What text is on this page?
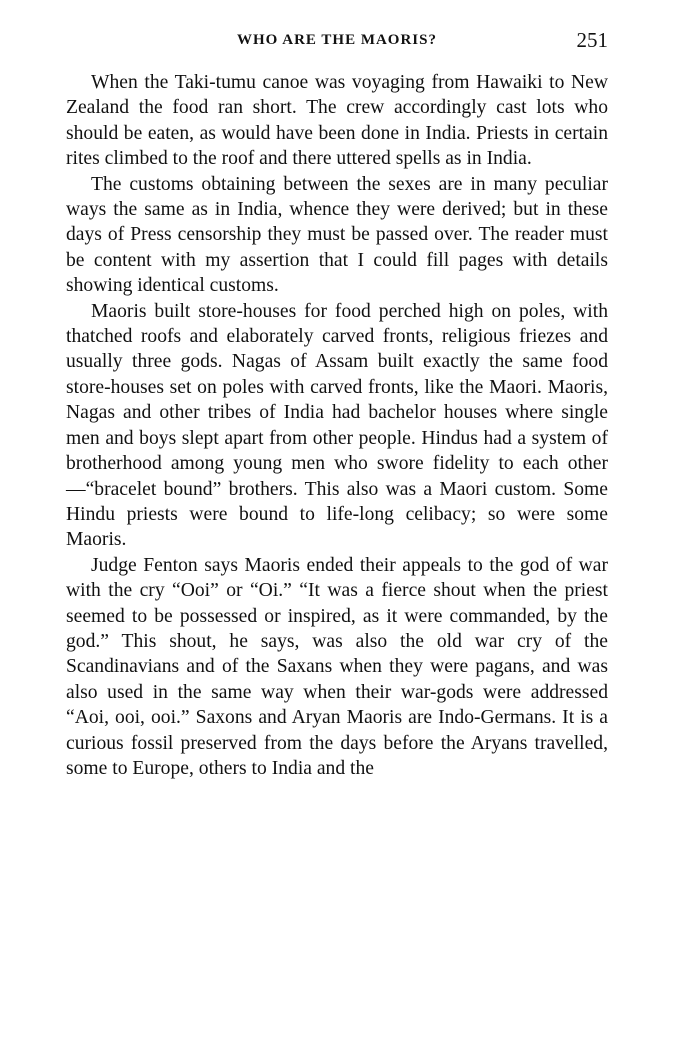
WHO ARE THE MAORIS?	251

When the Taki-tumu canoe was voyaging from Hawaiki to New Zealand the food ran short. The crew accordingly cast lots who should be eaten, as would have been done in India. Priests in certain rites climbed to the roof and there uttered spells as in India.

The customs obtaining between the sexes are in many peculiar ways the same as in India, whence they were derived; but in these days of Press censorship they must be passed over. The reader must be content with my assertion that I could fill pages with details showing identical customs.

Maoris built store-houses for food perched high on poles, with thatched roofs and elaborately carved fronts, religious friezes and usually three gods. Nagas of Assam built exactly the same food store-houses set on poles with carved fronts, like the Maori. Maoris, Nagas and other tribes of India had bachelor houses where single men and boys slept apart from other people. Hindus had a system of brotherhood among young men who swore fidelity to each other—“bracelet bound” brothers. This also was a Maori custom. Some Hindu priests were bound to life-long celibacy; so were some Maoris.

Judge Fenton says Maoris ended their appeals to the god of war with the cry “Ooi” or “Oi.” “It was a fierce shout when the priest seemed to be possessed or inspired, as it were commanded, by the god.” This shout, he says, was also the old war cry of the Scandinavians and of the Saxans when they were pagans, and was also used in the same way when their war-gods were addressed “Aoi, ooi, ooi.” Saxons and Aryan Maoris are Indo-Germans. It is a curious fossil preserved from the days before the Aryans travelled, some to Europe, others to India and the
